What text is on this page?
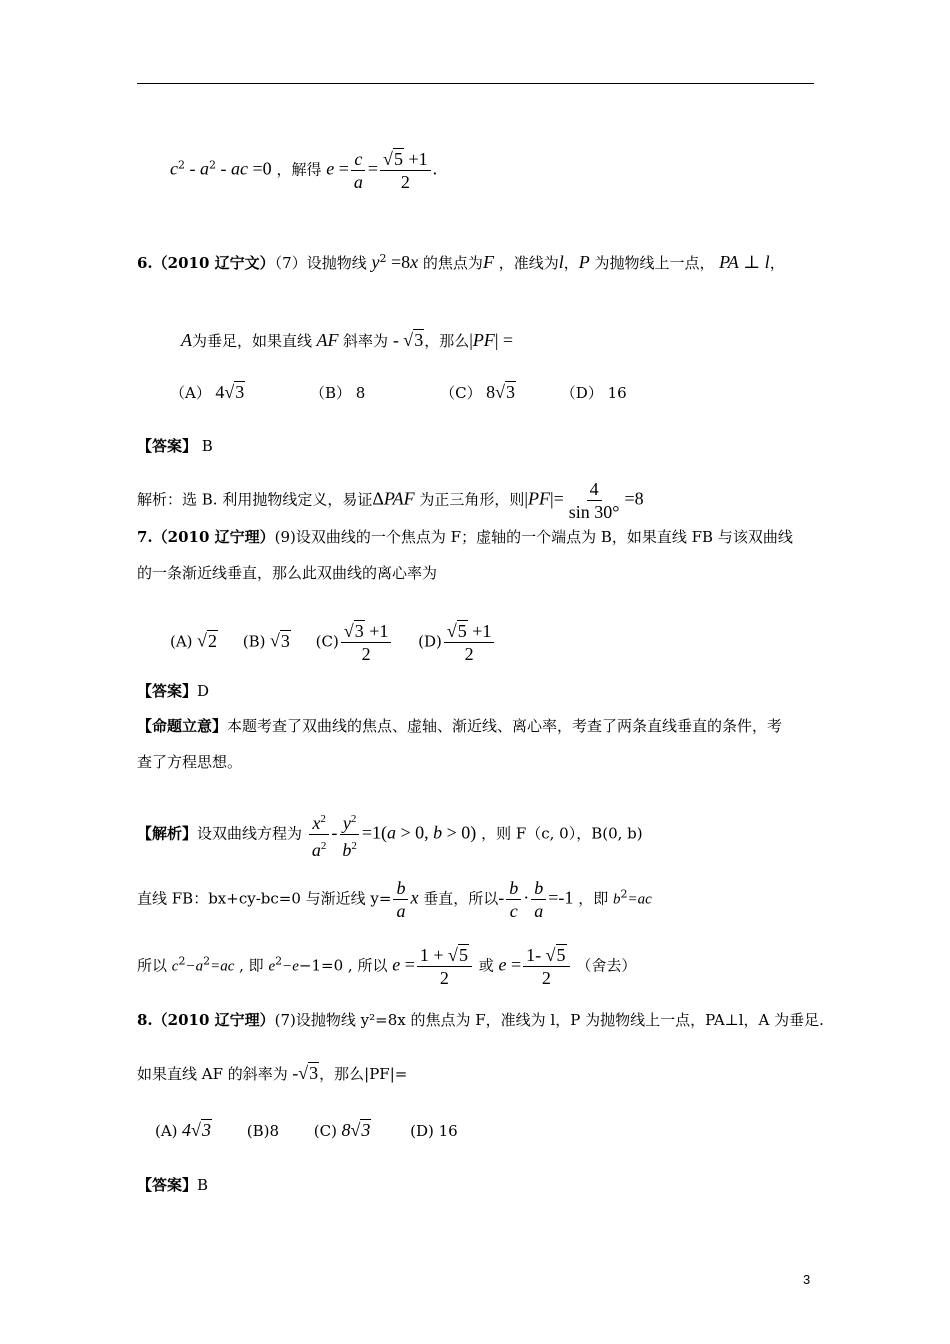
$c^2 - a^2$ - ac =0 ，解得 $e = \frac{c}{a} = \frac{√5 +1}{2}$ .
6.（2010 辽宁文）（7）设抛物线 $y^2 =8x$ 的焦点为F ，准线为l，P 为抛物线上一点， PA ⊥ l，
A为垂足，如果直线 AF 斜率为 - √3，那么|PF| =
（A） 4√3	（B） 8	（C） 8√3	（D） 16
【答案】 B
解析：选 B. 利用抛物线定义，易证ΔPAF 为正三角形，则$|PF|= \frac{4}{\sin 30^\circ} =8$
7.（2010 辽宁理）(9)设双曲线的一个焦点为 F；虚轴的一个端点为 B，如果直线 FB 与该双曲线
的一条渐近线垂直，那么此双曲线的离心率为
(A) √2 (B) √3 $(C) \frac{√3 +1}{2} (D) \frac{√5 +1}{2}$
【答案】D
【命题立意】本题考查了双曲线的焦点、虚轴、渐近线、离心率，考查了两条直线垂直的条件，考
查了方程思想。
【解析】设双曲线方程为 $\frac{x^2}{a^2} - \frac{y^2}{b^2} =1(a > 0$, b > 0) ，则 F（c, 0），B(0, b)
直线 FB：bx+cy-bc=0 与渐近线 $y= \frac{b}{a}$ x 垂直，所以- $\frac{b}{c} \cdot \frac{b}{a} =-1$ ，即 $b^2=ac$
所以 $c^2-a^2=ac$ , 即 $e^2-e-1=0$ , 所以 $e = \frac{1 + √5}{2}$ 或 $e = \frac{1- √5}{2}$ （舍去）
8.（2010 辽宁理）(7)设抛物线 y²=8x 的焦点为 F，准线为 l，P 为抛物线上一点，PA⊥l，A 为垂足.
如果直线 AF 的斜率为 -√3，那么|PF|=
(A) 4√3 (B)8 (C) 8√3	(D) 16
【答案】B
3
